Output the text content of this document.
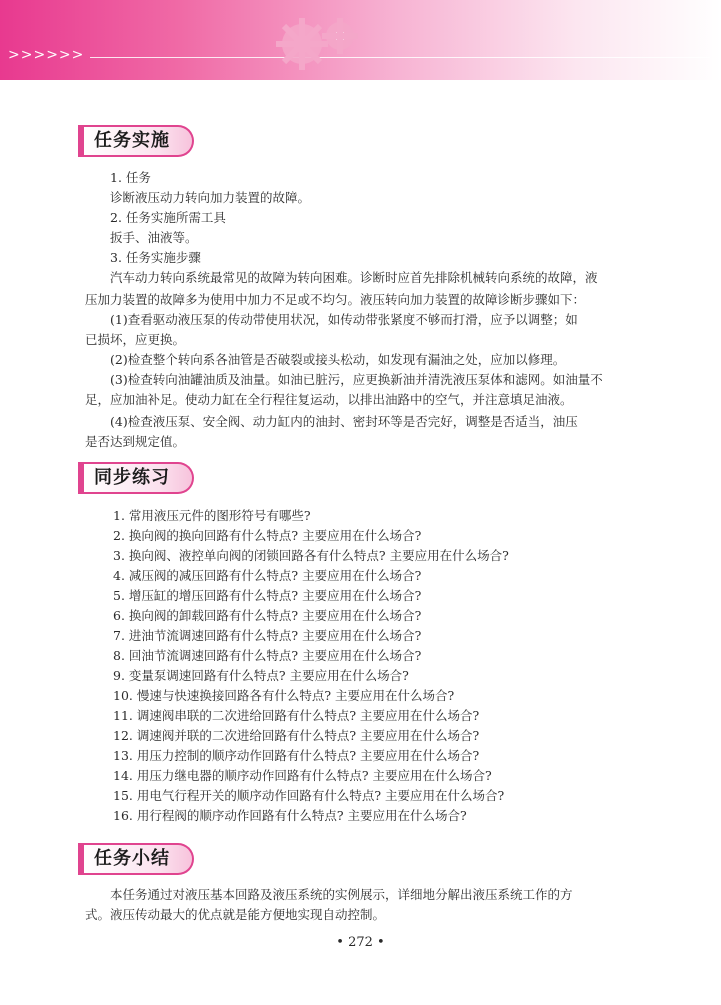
>>>>>>
任务实施

1. 任务

诊断液压动力转向加力装置的故障。

2. 任务实施所需工具

扳手、油液等。

3. 任务实施步骤

汽车动力转向系统最常见的故障为转向困难。诊断时应首先排除机械转向系统的故障，液

压加力装置的故障多为使用中加力不足或不均匀。液压转向加力装置的故障诊断步骤如下：

(1)查看驱动液压泵的传动带使用状况，如传动带张紧度不够而打滑，应予以调整；如

已损坏，应更换。

(2)检查整个转向系各油管是否破裂或接头松动，如发现有漏油之处，应加以修理。

(3)检查转向油罐油质及油量。如油已脏污，应更换新油并清洗液压泵体和滤网。如油量不

足，应加油补足。使动力缸在全行程往复运动，以排出油路中的空气，并注意填足油液。

(4)检查液压泵、安全阀、动力缸内的油封、密封环等是否完好，调整是否适当，油压

是否达到规定值。

同步练习

1. 常用液压元件的图形符号有哪些?

2. 换向阀的换向回路有什么特点? 主要应用在什么场合?

3. 换向阀、液控单向阀的闭锁回路各有什么特点? 主要应用在什么场合?

4. 减压阀的减压回路有什么特点? 主要应用在什么场合?

5. 增压缸的增压回路有什么特点? 主要应用在什么场合?

6. 换向阀的卸载回路有什么特点? 主要应用在什么场合?

7. 进油节流调速回路有什么特点? 主要应用在什么场合?

8. 回油节流调速回路有什么特点? 主要应用在什么场合?

9. 变量泵调速回路有什么特点? 主要应用在什么场合?

10. 慢速与快速换接回路各有什么特点? 主要应用在什么场合?

11. 调速阀串联的二次进给回路有什么特点? 主要应用在什么场合?

12. 调速阀并联的二次进给回路有什么特点? 主要应用在什么场合?

13. 用压力控制的顺序动作回路有什么特点? 主要应用在什么场合?

14. 用压力继电器的顺序动作回路有什么特点? 主要应用在什么场合?

15. 用电气行程开关的顺序动作回路有什么特点? 主要应用在什么场合?

16. 用行程阀的顺序动作回路有什么特点? 主要应用在什么场合?

任务小结

本任务通过对液压基本回路及液压系统的实例展示，详细地分解出液压系统工作的方

式。液压传动最大的优点就是能方便地实现自动控制。

• 272 •
